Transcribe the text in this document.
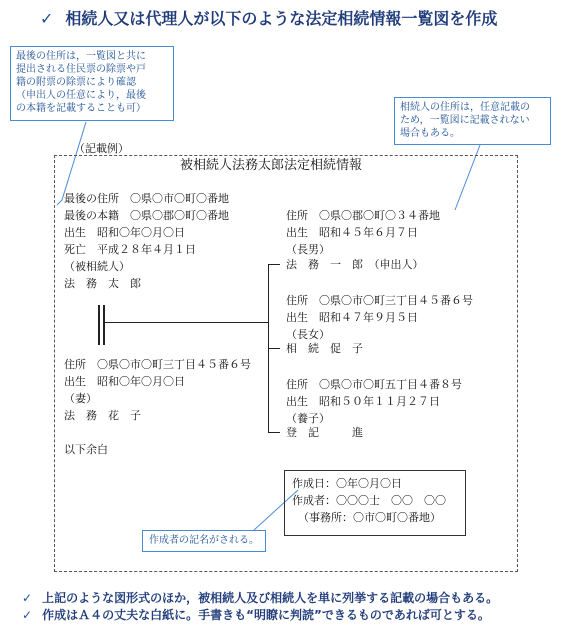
✓ 相続人又は代理人が以下のような法定相続情報一覧図を作成
最後の住所は，一覧図と共に
提出される住民票の除票や戸
籍の附票の除票により確認
（申出人の任意により，最後
の本籍を記載することも可）	相続人の住所は，任意記載の
ため，一覧図に記載されない
場合もある。
（記載例）
被相続人法務太郎法定相続情報
最後の住所　〇県〇市〇町〇番地
最後の本籍　〇県〇郡〇町〇番地
出生　昭和〇年〇月〇日
死亡　平成２８年４月１日
（被相続人）
法　務　太　郎
住所　〇県〇市〇町三丁目４５番６号
出生　昭和〇年〇月〇日
（妻）
法　務　花　子
以下余白
住所　〇県〇郡〇町〇３４番地
出生　昭和４５年６月７日
（長男）
法　務　一　郎　（申出人）
住所　〇県〇市〇町三丁目４５番６号
出生　昭和４７年９月５日
（長女）
相　続　促　子
住所　〇県〇市〇町五丁目４番８号
出生　昭和５０年１１月２７日
（養子）
登　記　　　進
作成日：〇年〇月〇日
作成者：〇〇〇士　〇〇　〇〇
（事務所：〇市〇町〇番地）
作成者の記名がされる。
✓ 上記のような図形式のほか，被相続人及び相続人を単に列挙する記載の場合もある。
✓ 作成はＡ４の丈夫な白紙に。手書きも“明瞭に判読”できるものであれば可とする。
